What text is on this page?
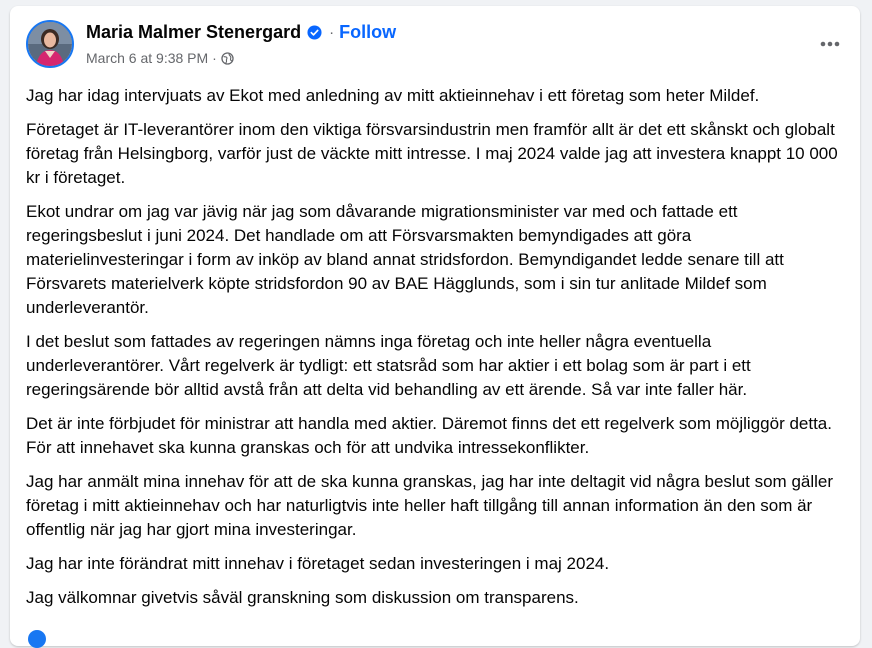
Maria Malmer Stenergard · Follow
March 6 at 9:38 PM ·

Jag har idag intervjuats av Ekot med anledning av mitt aktieinnehav i ett företag som heter Mildef.

Företaget är IT-leverantörer inom den viktiga försvarsindustrin men framför allt är det ett skånskt och globalt företag från Helsingborg, varför just de väckte mitt intresse. I maj 2024 valde jag att investera knappt 10 000 kr i företaget.

Ekot undrar om jag var jävig när jag som dåvarande migrationsminister var med och fattade ett regeringsbeslut i juni 2024. Det handlade om att Försvarsmakten bemyndigades att göra materielinvesteringar i form av inköp av bland annat stridsfordon. Bemyndigandet ledde senare till att Försvarets materielverk köpte stridsfordon 90 av BAE Hägglunds, som i sin tur anlitade Mildef som underleverantör.

I det beslut som fattades av regeringen nämns inga företag och inte heller några eventuella underleverantörer. Vårt regelverk är tydligt: ett statsråd som har aktier i ett bolag som är part i ett regeringsärende bör alltid avstå från att delta vid behandling av ett ärende. Så var inte faller här.

Det är inte förbjudet för ministrar att handla med aktier. Däremot finns det ett regelverk som möjliggör detta. För att innehavet ska kunna granskas och för att undvika intressekonflikter.

Jag har anmält mina innehav för att de ska kunna granskas, jag har inte deltagit vid några beslut som gäller företag i mitt aktieinnehav och har naturligtvis inte heller haft tillgång till annan information än den som är offentlig när jag har gjort mina investeringar.

Jag har inte förändrat mitt innehav i företaget sedan investeringen i maj 2024.

Jag välkomnar givetvis såväl granskning som diskussion om transparens.
